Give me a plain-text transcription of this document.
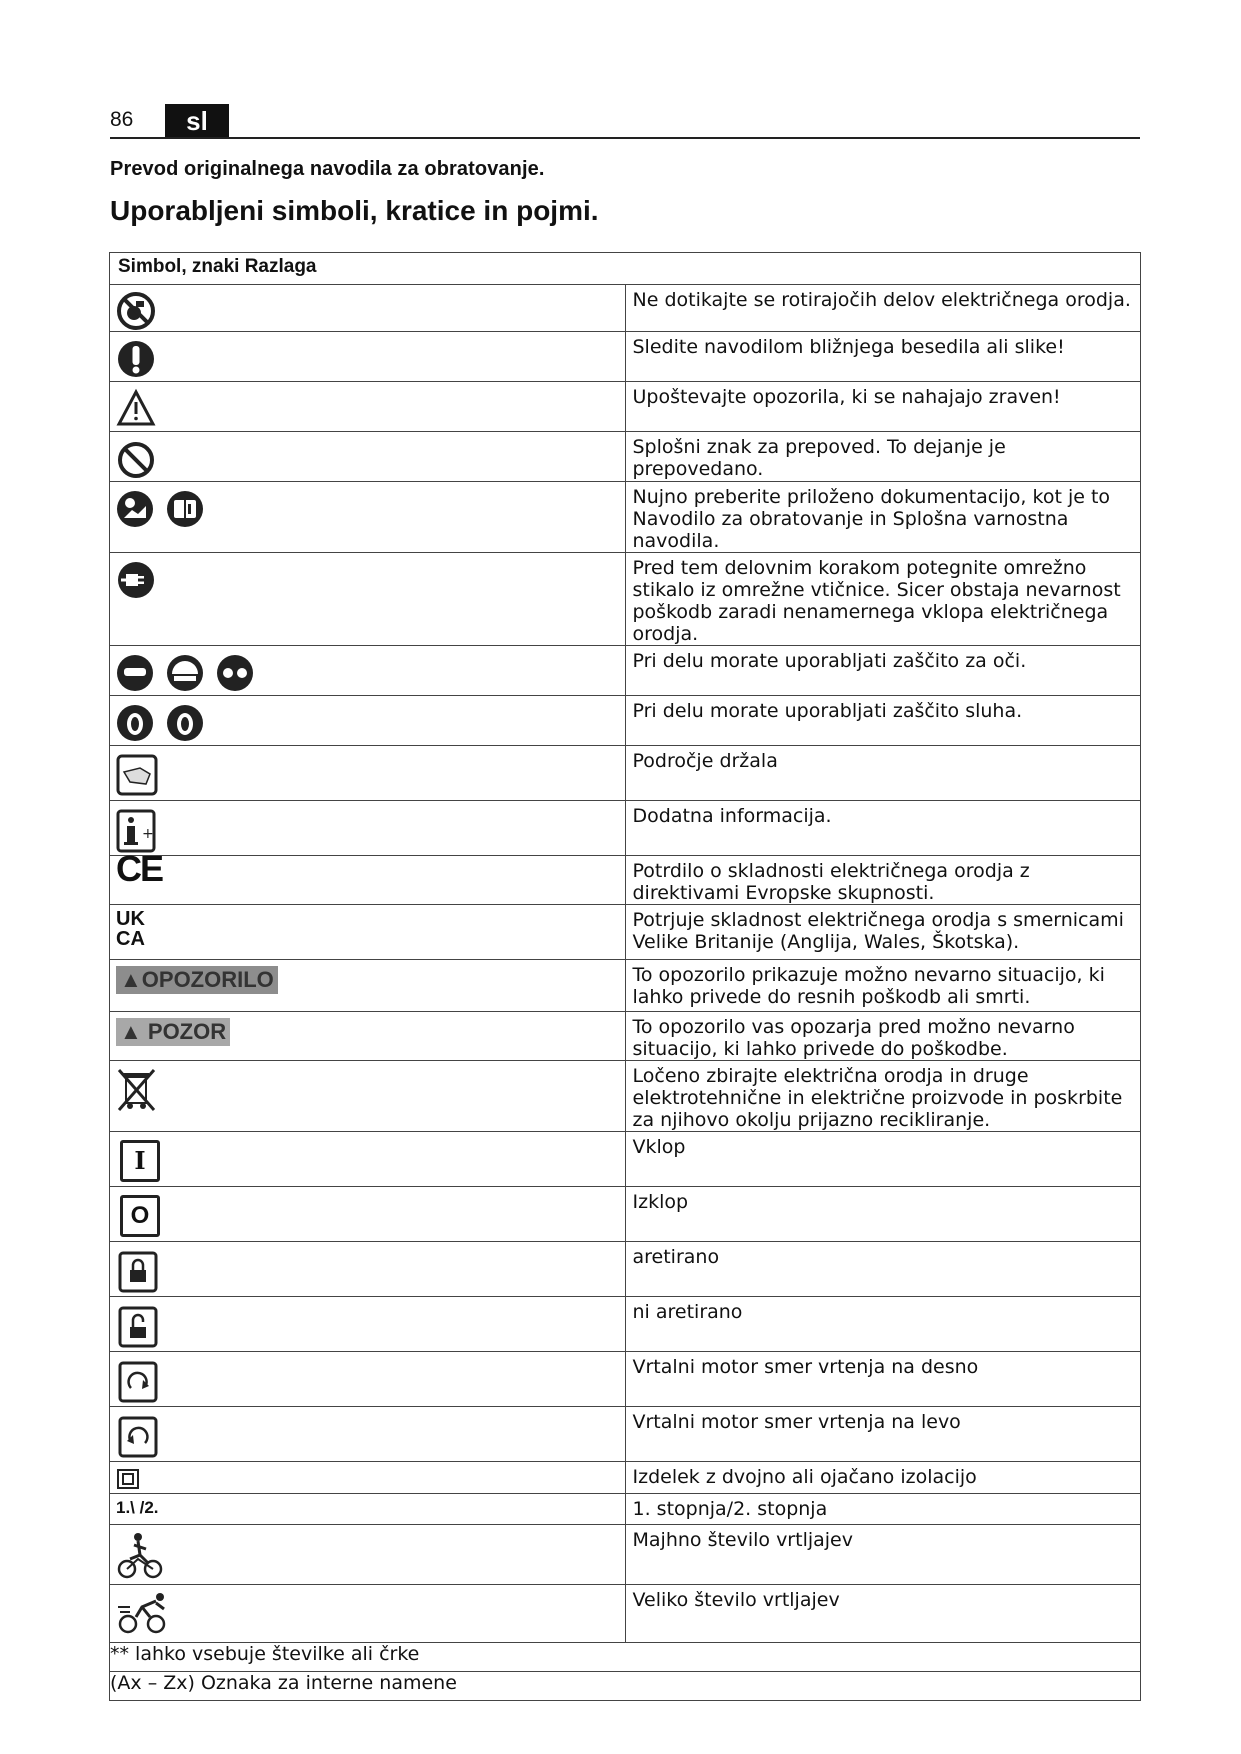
86	sl
Prevod originalnega navodila za obratovanje.
Uporabljeni simboli, kratice in pojmi.
Simbol, znaki Razlaga	

	Ne dotikajte se rotirajočih delov električnega orodja.

	Sledite navodilom bližnjega besedila ali slike!

	Upoštevajte opozorila, ki se nahajajo zraven!

	Splošni znak za prepoved. To dejanje je prepovedano.

	Nujno preberite priloženo dokumentacijo, kot je to Navodilo za obratovanje in Splošna varnostna navodila.

	Pred tem delovnim korakom potegnite omrežno stikalo iz omrežne vtičnice. Sicer obstaja nevarnost poškodb zaradi nenamernega vklopa električnega orodja.

	Pri delu morate uporabljati zaščito za oči.

	Pri delu morate uporabljati zaščito sluha.

	Področje držala

+	Dodatna informacija.

CE	Potrdilo o skladnosti električnega orodja z direktivami Evropske skupnosti.

UK CA	Potrjuje skladnost električnega orodja s smernicami Velike Britanije (Anglija, Wales, Škotska).

▲OPOZORILO	To opozorilo prikazuje možno nevarno situacijo, ki lahko privede do resnih poškodb ali smrti.

▲ POZOR	To opozorilo vas opozarja pred možno nevarno situacijo, ki lahko privede do poškodbe.

	Ločeno zbirajte električna orodja in druge elektrotehnične in električne proizvode in poskrbite za njihovo okolju prijazno recikliranje.

I	Vklop

O	Izklop

	aretirano

	ni aretirano

	Vrtalni motor smer vrtenja na desno

	Vrtalni motor smer vrtenja na levo

	Izdelek z dvojno ali ojačano izolacijo

1.\ /2.	1. stopnja/2. stopnja

	Majhno število vrtljajev

	Veliko število vrtljajev
** lahko vsebuje številke ali črke	
(Ax – Zx) Oznaka za interne namene	
